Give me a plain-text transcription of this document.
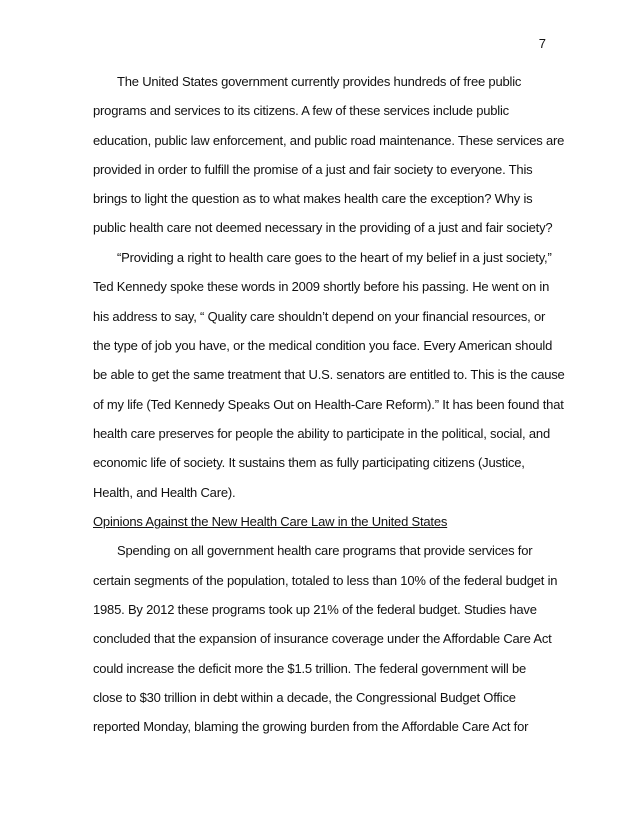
7
The United States government currently provides hundreds of free public
programs and services to its citizens. A few of these services include public
education, public law enforcement, and public road maintenance. These services are
provided in order to fulfill the promise of a just and fair society to everyone. This
brings to light the question as to what makes health care the exception? Why is
public health care not deemed necessary in the providing of a just and fair society?
“Providing a right to health care goes to the heart of my belief in a just society,”
Ted Kennedy spoke these words in 2009 shortly before his passing. He went on in
his address to say, “ Quality care shouldn’t depend on your financial resources, or
the type of job you have, or the medical condition you face. Every American should
be able to get the same treatment that U.S. senators are entitled to. This is the cause
of my life (Ted Kennedy Speaks Out on Health-Care Reform).” It has been found that
health care preserves for people the ability to participate in the political, social, and
economic life of society. It sustains them as fully participating citizens (Justice,
Health, and Health Care).
Opinions Against the New Health Care Law in the United States
Spending on all government health care programs that provide services for
certain segments of the population, totaled to less than 10% of the federal budget in
1985. By 2012 these programs took up 21% of the federal budget. Studies have
concluded that the expansion of insurance coverage under the Affordable Care Act
could increase the deficit more the $1.5 trillion. The federal government will be
close to $30 trillion in debt within a decade, the Congressional Budget Office
reported Monday, blaming the growing burden from the Affordable Care Act for
